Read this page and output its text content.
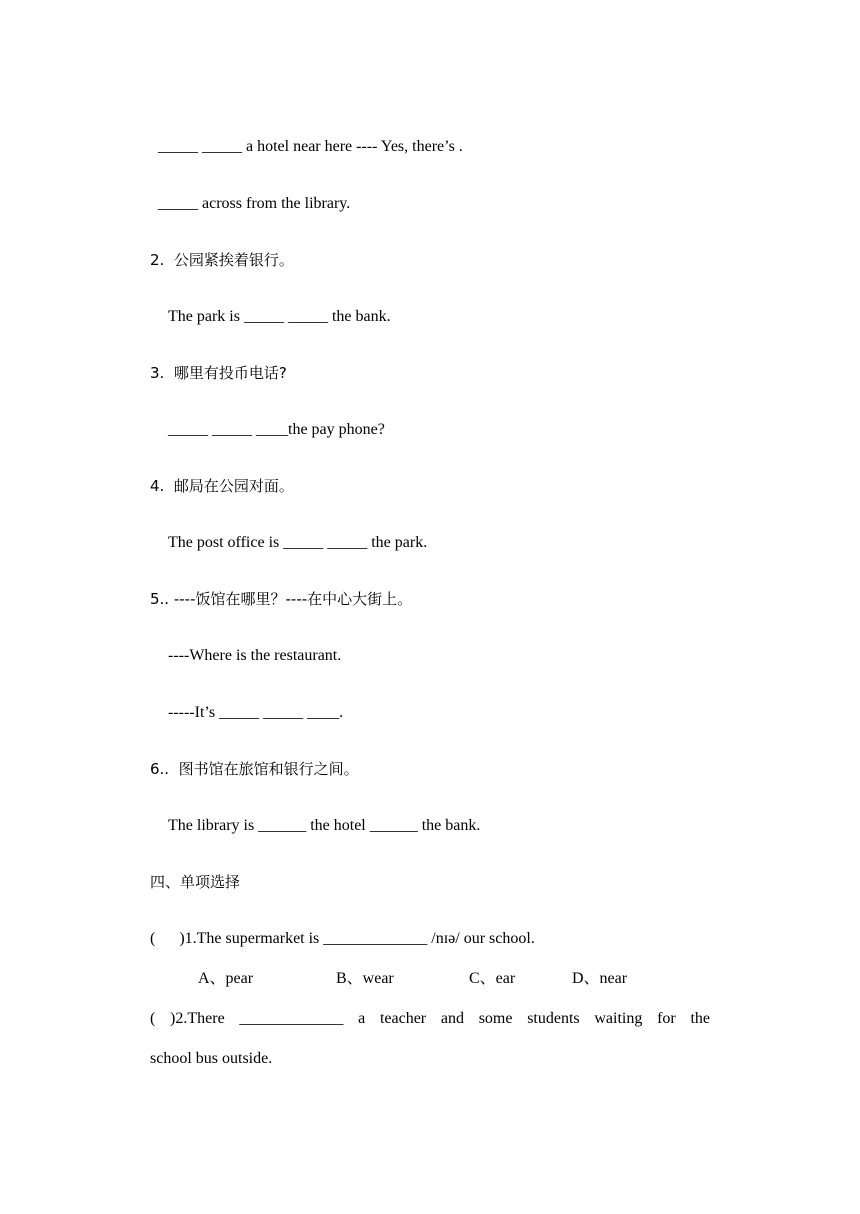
_____ _____ a hotel near here ---- Yes, there’s .
_____ across from the library.
2.  公园紧挨着银行。
The park is _____ _____ the bank.
3.  哪里有投币电话?
_____ _____ ____the pay phone?
4.  邮局在公园对面。
The post office is _____ _____ the park.
5.. ----饭馆在哪里？----在中心大街上。
----Where is the restaurant.
-----It’s _____ _____ ____.
6..  图书馆在旅馆和银行之间。
The library is ______ the hotel ______ the bank.
四、单项选择
(      )1.The supermarket is _____________ /nɪə/ our school.
A、pear	B、wear	C、ear	D、near
( )2.There _____________ a teacher and some students waiting for the
school bus outside.
